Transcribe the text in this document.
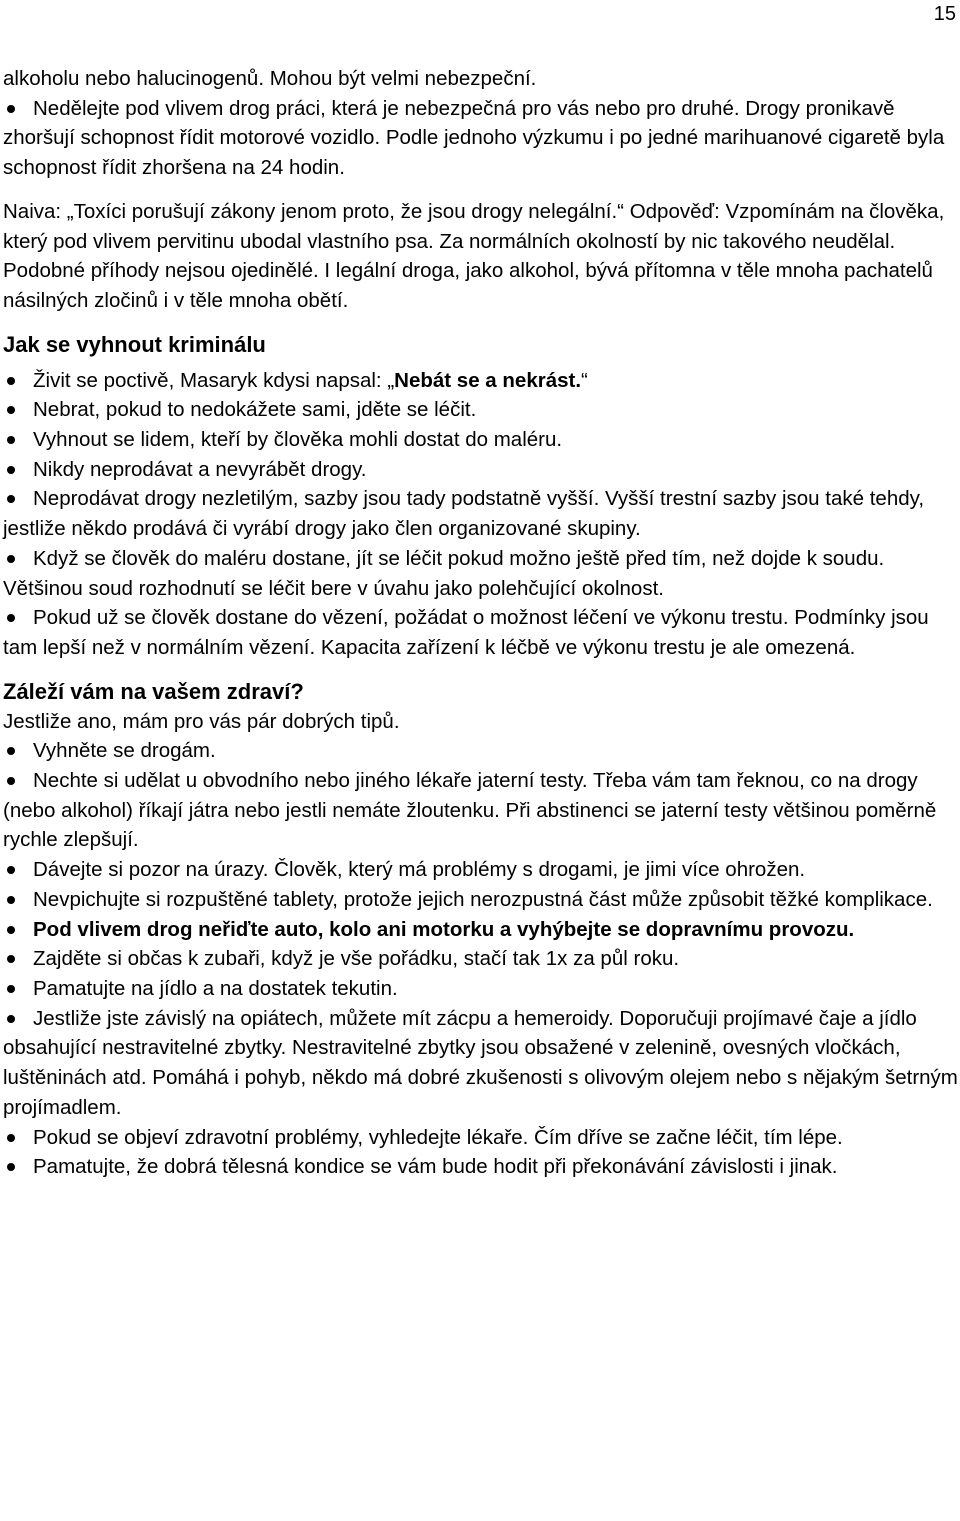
15

alkoholu nebo halucinogenů. Mohou být velmi nebezpeční.

Nedělejte pod vlivem drog práci, která je nebezpečná pro vás nebo pro druhé. Drogy pronikavě zhoršují schopnost řídit motorové vozidlo. Podle jednoho výzkumu i po jedné marihuanové cigaretě byla schopnost řídit zhoršena na 24 hodin.

Naiva: „Toxíci porušují zákony jenom proto, že jsou drogy nelegální.“ Odpověď: Vzpomínám na člověka, který pod vlivem pervitinu ubodal vlastního psa. Za normálních okolností by nic takového neudělal. Podobné příhody nejsou ojedinělé. I legální droga, jako alkohol, bývá přítomna v těle mnoha pachatelů násilných zločinů i v těle mnoha obětí.

Jak se vyhnout kriminálu
Živit se poctivě, Masaryk kdysi napsal: „Nebát se a nekrást.“
Nebrat, pokud to nedokážete sami, jděte se léčit.
Vyhnout se lidem, kteří by člověka mohli dostat do maléru.
Nikdy neprodávat a nevyrábět drogy.
Neprodávat drogy nezletilým, sazby jsou tady podstatně vyšší. Vyšší trestní sazby jsou také tehdy, jestliže někdo prodává či vyrábí drogy jako člen organizované skupiny.
Když se člověk do maléru dostane, jít se léčit pokud možno ještě před tím, než dojde k soudu. Většinou soud rozhodnutí se léčit bere v úvahu jako polehčující okolnost.
Pokud už se člověk dostane do vězení, požádat o možnost léčení ve výkonu trestu. Podmínky jsou tam lepší než v normálním vězení. Kapacita zařízení k léčbě ve výkonu trestu je ale omezená.
Záleží vám na vašem zdraví?

Jestliže ano, mám pro vás pár dobrých tipů.

Vyhněte se drogám.
Nechte si udělat u obvodního nebo jiného lékaře jaterní testy. Třeba vám tam řeknou, co na drogy (nebo alkohol) říkají játra nebo jestli nemáte žloutenku. Při abstinenci se jaterní testy většinou poměrně rychle zlepšují.
Dávejte si pozor na úrazy. Člověk, který má problémy s drogami, je jimi více ohrožen.
Nevpichujte si rozpuštěné tablety, protože jejich nerozpustná část může způsobit těžké komplikace.
Pod vlivem drog neřiďte auto, kolo ani motorku a vyhýbejte se dopravnímu provozu.
Zajděte si občas k zubaři, když je vše pořádku, stačí tak 1x za půl roku.
Pamatujte na jídlo a na dostatek tekutin.
Jestliže jste závislý na opiátech, můžete mít zácpu a hemeroidy. Doporučuji projímavé čaje a jídlo obsahující nestravitelné zbytky. Nestravitelné zbytky jsou obsažené v zelenině, ovesných vločkách, luštěninách atd. Pomáhá i pohyb, někdo má dobré zkušenosti s olivovým olejem nebo s nějakým šetrným projímadlem.
Pokud se objeví zdravotní problémy, vyhledejte lékaře. Čím dříve se začne léčit, tím lépe.
Pamatujte, že dobrá tělesná kondice se vám bude hodit při překonávání závislosti i jinak.
